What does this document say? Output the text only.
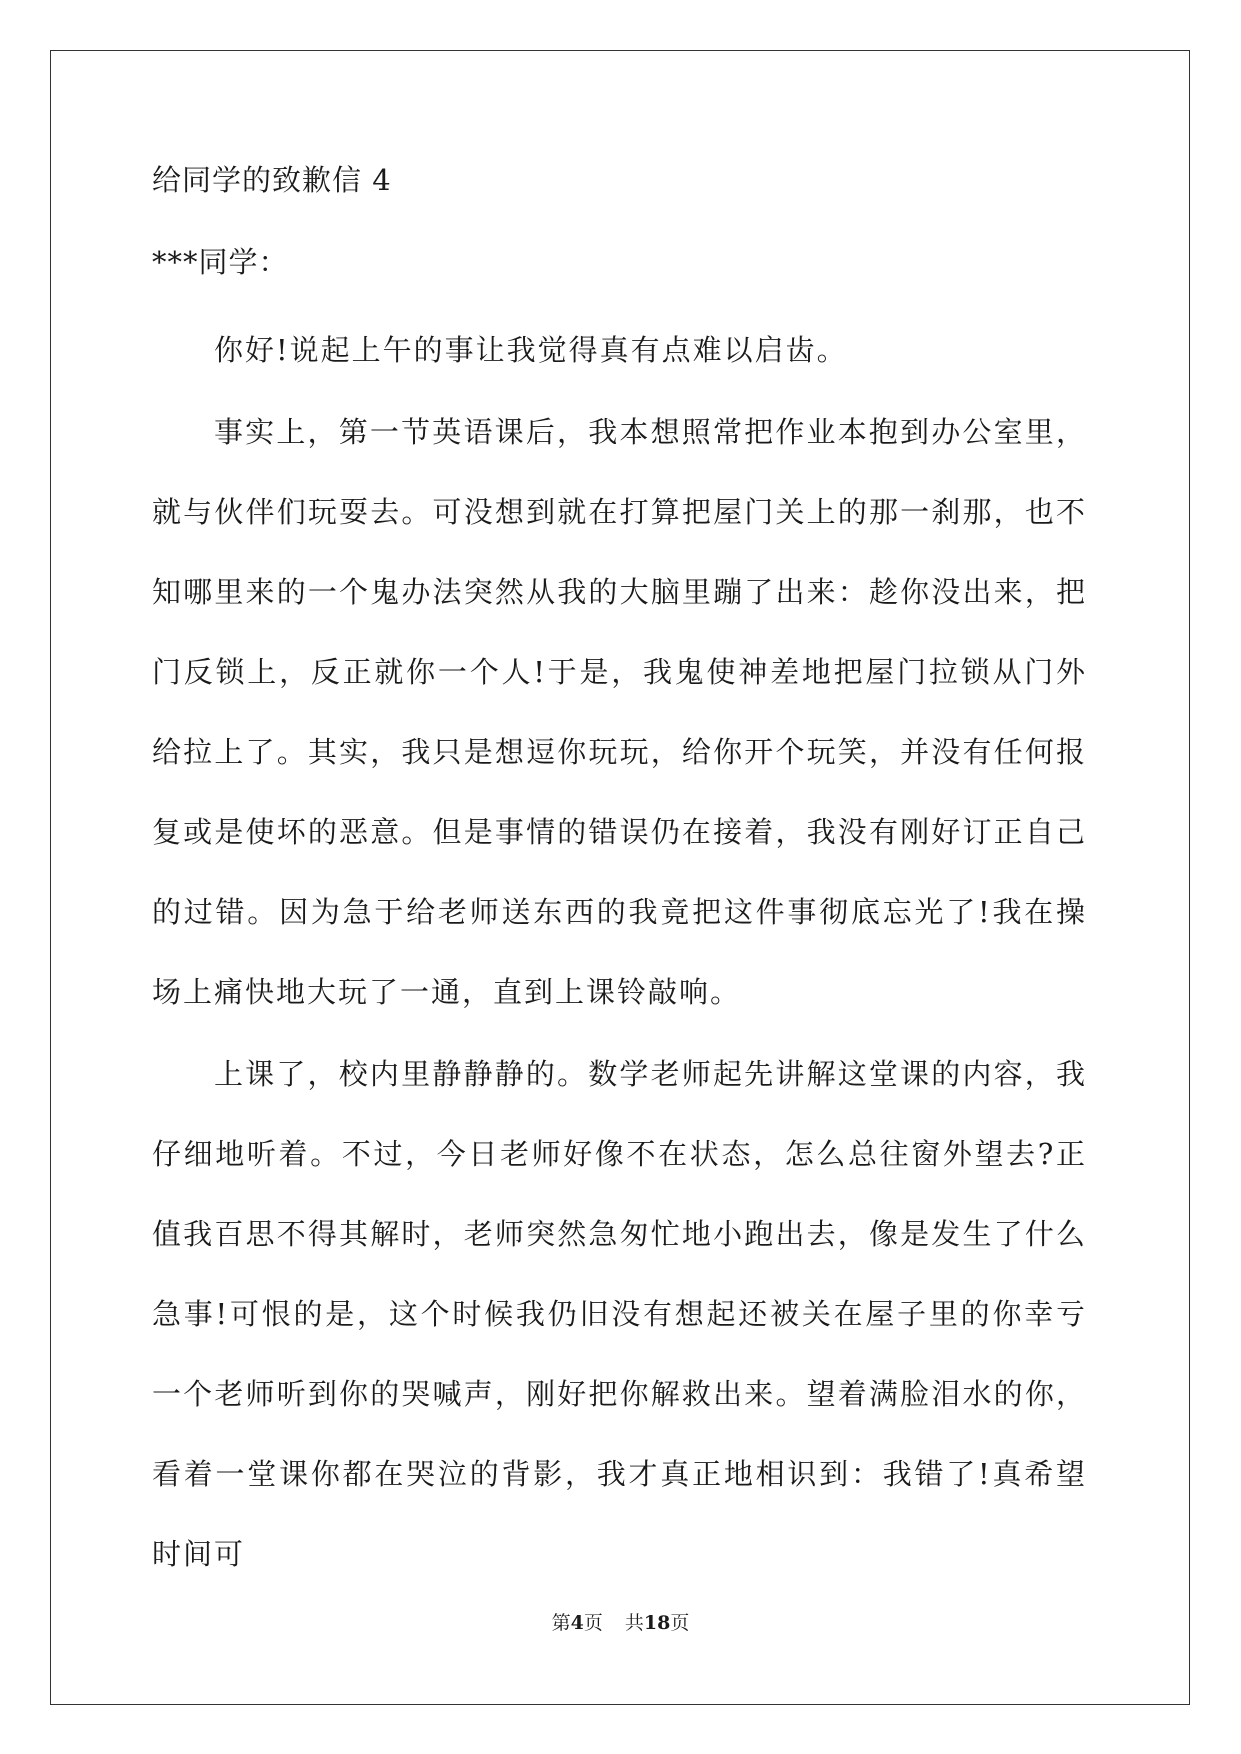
给同学的致歉信 4
***同学：

你好!说起上午的事让我觉得真有点难以启齿。

事实上，第一节英语课后，我本想照常把作业本抱到办公室里，就与伙伴们玩耍去。可没想到就在打算把屋门关上的那一刹那，也不知哪里来的一个鬼办法突然从我的大脑里蹦了出来：趁你没出来，把门反锁上，反正就你一个人!于是，我鬼使神差地把屋门拉锁从门外给拉上了。其实，我只是想逗你玩玩，给你开个玩笑，并没有任何报复或是使坏的恶意。但是事情的错误仍在接着，我没有刚好订正自己的过错。因为急于给老师送东西的我竟把这件事彻底忘光了!我在操场上痛快地大玩了一通，直到上课铃敲响。

上课了，校内里静静静的。数学老师起先讲解这堂课的内容，我仔细地听着。不过，今日老师好像不在状态，怎么总往窗外望去?正值我百思不得其解时，老师突然急匆忙地小跑出去，像是发生了什么急事!可恨的是，这个时候我仍旧没有想起还被关在屋子里的你幸亏一个老师听到你的哭喊声，刚好把你解救出来。望着满脸泪水的你，看着一堂课你都在哭泣的背影，我才真正地相识到：我错了!真希望时间可

第4页 共18页
